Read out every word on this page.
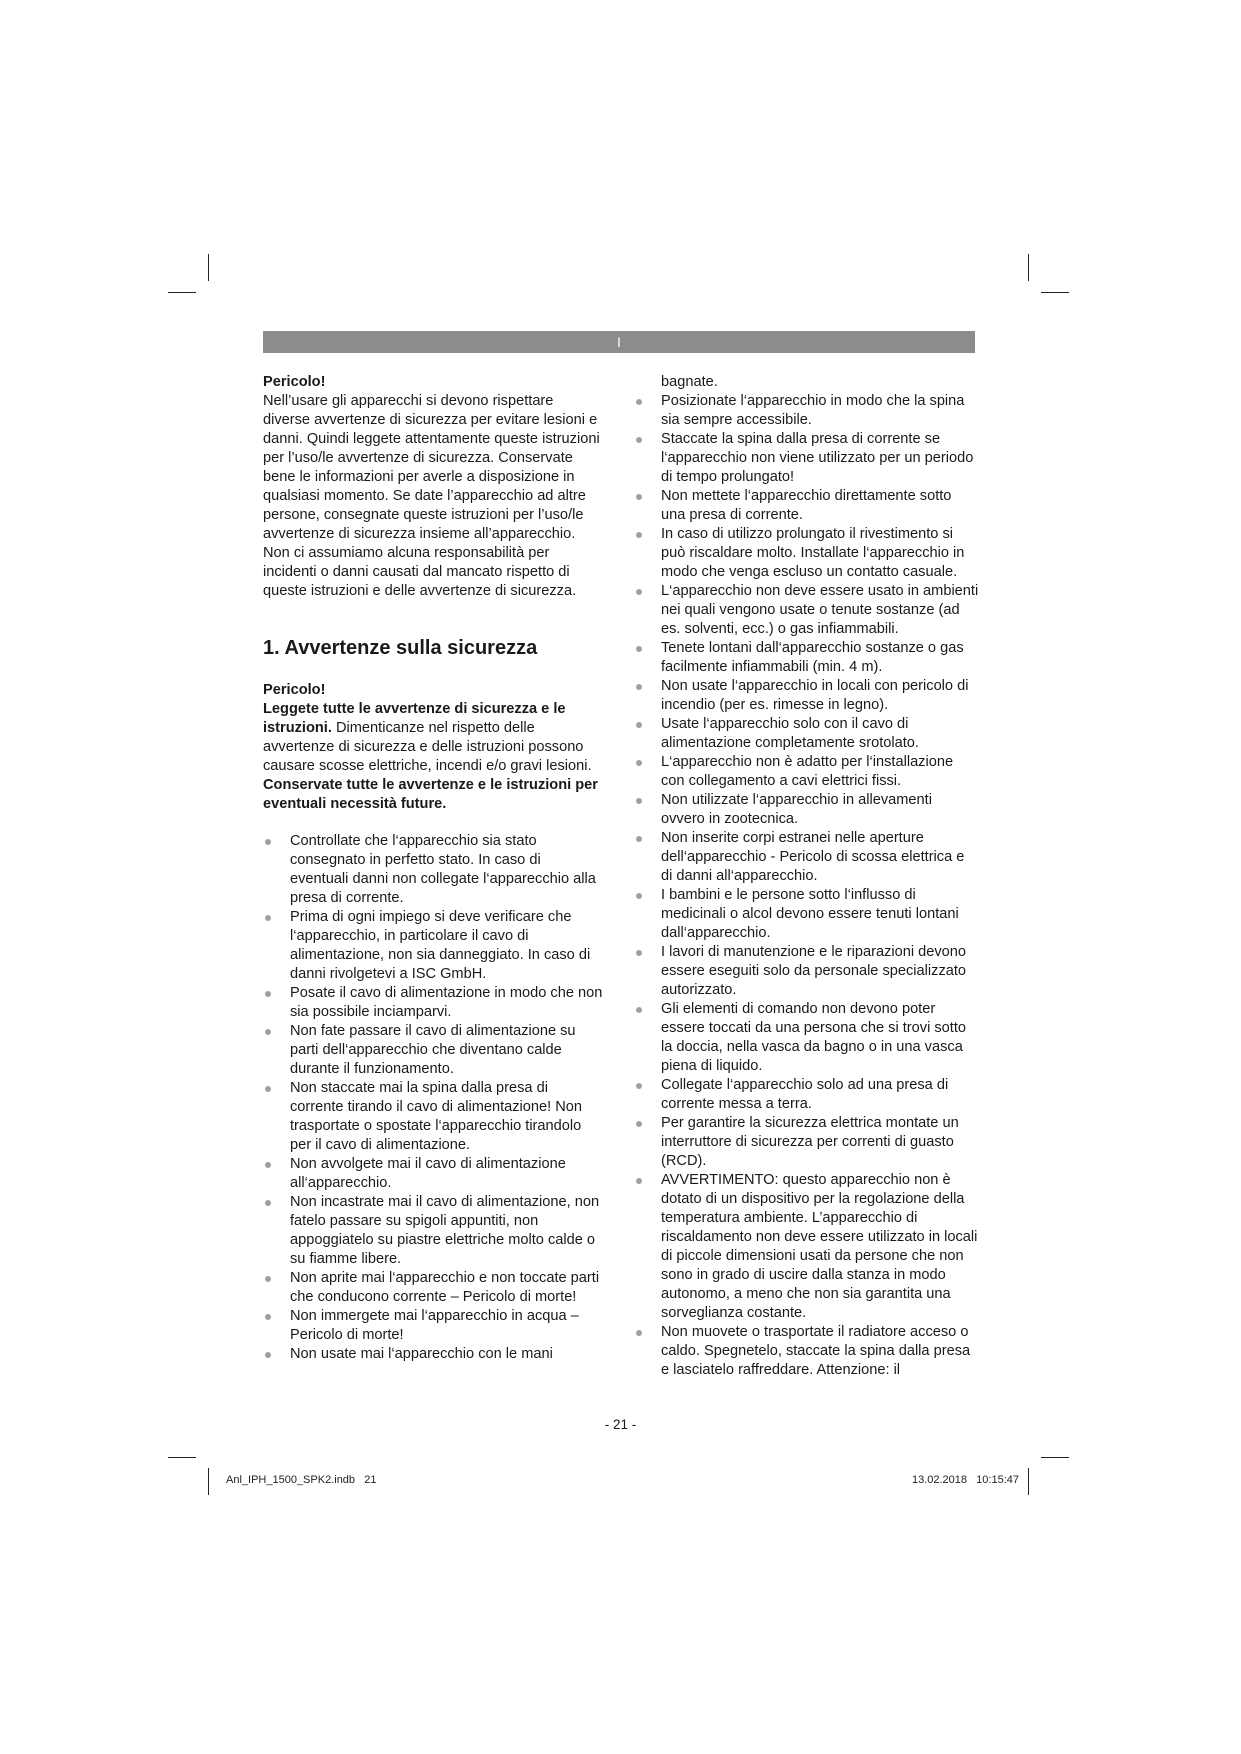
I

Pericolo!

Nell’usare gli apparecchi si devono rispettare diverse avvertenze di sicurezza per evitare lesioni e danni. Quindi leggete attentamente queste istruzioni per l’uso/le avvertenze di sicurezza. Conservate bene le informazioni per averle a disposizione in qualsiasi momento. Se date l’apparecchio ad altre persone, consegnate queste istruzioni per l’uso/le avvertenze di sicurezza insieme all’apparecchio. Non ci assumiamo alcuna responsabilità per incidenti o danni causati dal mancato rispetto di queste istruzioni e delle avvertenze di sicurezza.

1. Avvertenze sulla sicurezza

Pericolo!

Leggete tutte le avvertenze di sicurezza e le istruzioni. Dimenticanze nel rispetto delle avvertenze di sicurezza e delle istruzioni possono causare scosse elettriche, incendi e/o gravi lesioni.

Conservate tutte le avvertenze e le istruzioni per eventuali necessità future.

Controllate che l‘apparecchio sia stato consegnato in perfetto stato. In caso di eventuali danni non collegate l‘apparecchio alla presa di corrente.
Prima di ogni impiego si deve verificare che l‘apparecchio, in particolare il cavo di alimentazione, non sia danneggiato. In caso di danni rivolgetevi a ISC GmbH.
Posate il cavo di alimentazione in modo che non sia possibile inciamparvi.
Non fate passare il cavo di alimentazione su parti dell‘apparecchio che diventano calde durante il funzionamento.
Non staccate mai la spina dalla presa di corrente tirando il cavo di alimentazione! Non trasportate o spostate l‘apparecchio tirandolo per il cavo di alimentazione.
Non avvolgete mai il cavo di alimentazione all‘apparecchio.
Non incastrate mai il cavo di alimentazione, non fatelo passare su spigoli appuntiti, non appoggiatelo su piastre elettriche molto calde o su fiamme libere.
Non aprite mai l‘apparecchio e non toccate parti che conducono corrente – Pericolo di morte!
Non immergete mai l‘apparecchio in acqua – Pericolo di morte!
Non usate mai l‘apparecchio con le mani

bagnate.

Posizionate l‘apparecchio in modo che la spina sia sempre accessibile.
Staccate la spina dalla presa di corrente se l‘apparecchio non viene utilizzato per un periodo di tempo prolungato!
Non mettete l‘apparecchio direttamente sotto una presa di corrente.
In caso di utilizzo prolungato il rivestimento si può riscaldare molto. Installate l‘apparecchio in modo che venga escluso un contatto casuale.
L‘apparecchio non deve essere usato in ambienti nei quali vengono usate o tenute sostanze (ad es. solventi, ecc.) o gas infiammabili.
Tenete lontani dall‘apparecchio sostanze o gas facilmente infiammabili (min. 4 m).
Non usate l‘apparecchio in locali con pericolo di incendio (per es. rimesse in legno).
Usate l‘apparecchio solo con il cavo di alimentazione completamente srotolato.
L‘apparecchio non è adatto per l‘installazione con collegamento a cavi elettrici fissi.
Non utilizzate l‘apparecchio in allevamenti ovvero in zootecnica.
Non inserite corpi estranei nelle aperture dell‘apparecchio - Pericolo di scossa elettrica e di danni all‘apparecchio.
I bambini e le persone sotto l‘influsso di medicinali o alcol devono essere tenuti lontani dall‘apparecchio.
I lavori di manutenzione e le riparazioni devono essere eseguiti solo da personale specializzato autorizzato.
Gli elementi di comando non devono poter essere toccati da una persona che si trovi sotto la doccia, nella vasca da bagno o in una vasca piena di liquido.
Collegate l‘apparecchio solo ad una presa di corrente messa a terra.
Per garantire la sicurezza elettrica montate un interruttore di sicurezza per correnti di guasto (RCD).
AVVERTIMENTO: questo apparecchio non è dotato di un dispositivo per la regolazione della temperatura ambiente. L’apparecchio di riscaldamento non deve essere utilizzato in locali di piccole dimensioni usati da persone che non sono in grado di uscire dalla stanza in modo autonomo, a meno che non sia garantita una sorveglianza costante.
Non muovete o trasportate il radiatore acceso o caldo. Spegnetelo, staccate la spina dalla presa e lasciatelo raffreddare. Attenzione: il
- 21 -
Anl_IPH_1500_SPK2.indb   21	13.02.2018   10:15:47
